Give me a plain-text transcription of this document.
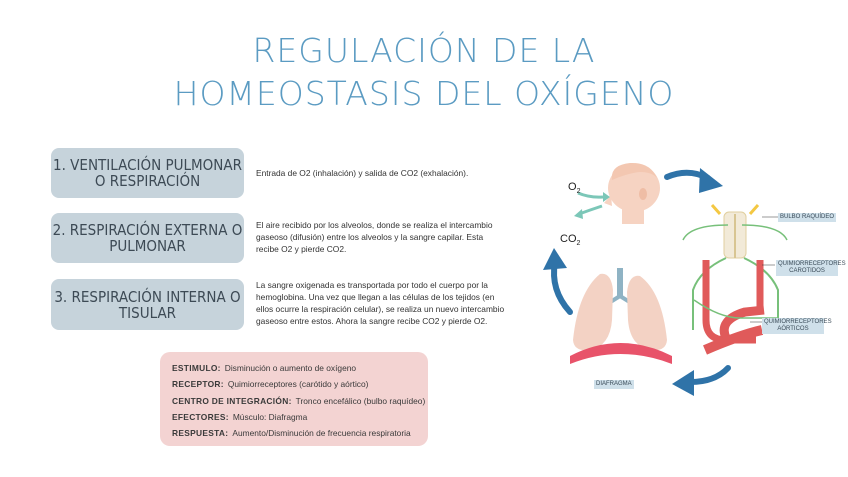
REGULACIÓN DE LA
HOMEOSTASIS DEL OXÍGENO
1. VENTILACIÓN PULMONAR O RESPIRACIÓN	Entrada de O2 (inhalación) y salida de CO2 (exhalación).
2. RESPIRACIÓN EXTERNA O PULMONAR
El aire recibido por los alveolos, donde se realiza el intercambio gaseoso (difusión) entre los alveolos y la sangre capilar. Esta recibe O2 y pierde CO2.
3. RESPIRACIÓN INTERNA O TISULAR
La sangre oxigenada es transportada por todo el cuerpo por la hemoglobina. Una vez que llegan a las células de los tejidos (en ellos ocurre la respiración celular), se realiza un nuevo intercambio gaseoso entre estos. Ahora la sangre recibe CO2 y pierde O2.
ESTIMULO: Disminución o aumento de oxígeno
RECEPTOR: Quimiorreceptores (carótido y aórtico)
CENTRO DE INTEGRACIÓN: Tronco encefálico (bulbo raquídeo)
EFECTORES: Músculo: Diafragma
RESPUESTA: Aumento/Disminución de frecuencia respiratoria
$O_2$
$CO_2$
BULBO RAQUÍDEO
QUIMIORRECEPTORES CAROTIDOS
QUIMIORRECEPTORES AÓRTICOS
DIAFRAGMA
